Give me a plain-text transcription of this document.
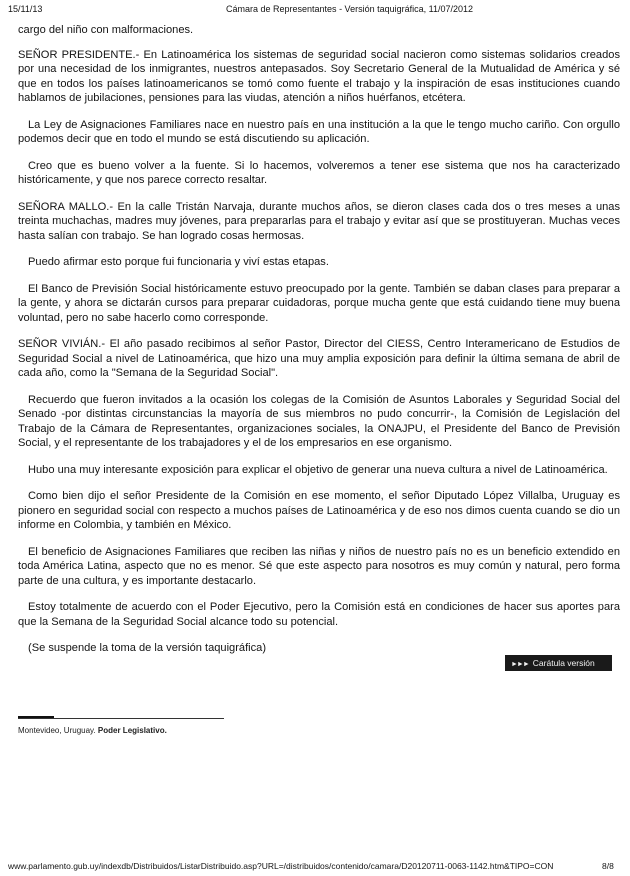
15/11/13	Cámara de Representantes - Versión taquigráfica, 11/07/2012

cargo del niño con malformaciones.

SEÑOR PRESIDENTE.- En Latinoamérica los sistemas de seguridad social nacieron como sistemas solidarios creados por una necesidad de los inmigrantes, nuestros antepasados. Soy Secretario General de la Mutualidad de América y sé que en todos los países latinoamericanos se tomó como fuente el trabajo y la inspiración de esas instituciones cuando hablamos de jubilaciones, pensiones para las viudas, atención a niños huérfanos, etcétera.

La Ley de Asignaciones Familiares nace en nuestro país en una institución a la que le tengo mucho cariño. Con orgullo podemos decir que en todo el mundo se está discutiendo su aplicación.

Creo que es bueno volver a la fuente. Si lo hacemos, volveremos a tener ese sistema que nos ha caracterizado históricamente, y que nos parece correcto resaltar.

SEÑORA MALLO.- En la calle Tristán Narvaja, durante muchos años, se dieron clases cada dos o tres meses a unas treinta muchachas, madres muy jóvenes, para prepararlas para el trabajo y evitar así que se prostituyeran. Muchas veces hasta salían con trabajo. Se han logrado cosas hermosas.

Puedo afirmar esto porque fui funcionaria y viví estas etapas.

El Banco de Previsión Social históricamente estuvo preocupado por la gente. También se daban clases para preparar a la gente, y ahora se dictarán cursos para preparar cuidadoras, porque mucha gente que está cuidando tiene muy buena voluntad, pero no sabe hacerlo como corresponde.

SEÑOR VIVIÁN.- El año pasado recibimos al señor Pastor, Director del CIESS, Centro Interamericano de Estudios de Seguridad Social a nivel de Latinoamérica, que hizo una muy amplia exposición para definir la última semana de abril de cada año, como la "Semana de la Seguridad Social".

Recuerdo que fueron invitados a la ocasión los colegas de la Comisión de Asuntos Laborales y Seguridad Social del Senado -por distintas circunstancias la mayoría de sus miembros no pudo concurrir-, la Comisión de Legislación del Trabajo de la Cámara de Representantes, organizaciones sociales, la ONAJPU, el Presidente del Banco de Previsión Social, y el representante de los trabajadores y el de los empresarios en ese organismo.

Hubo una muy interesante exposición para explicar el objetivo de generar una nueva cultura a nivel de Latinoamérica.

Como bien dijo el señor Presidente de la Comisión en ese momento, el señor Diputado López Villalba, Uruguay es pionero en seguridad social con respecto a muchos países de Latinoamérica y de eso nos dimos cuenta cuando se dio un informe en Colombia, y también en México.

El beneficio de Asignaciones Familiares que reciben las niñas y niños de nuestro país no es un beneficio extendido en toda América Latina, aspecto que no es menor. Sé que este aspecto para nosotros es muy común y natural, pero forma parte de una cultura, y es importante destacarlo.

Estoy totalmente de acuerdo con el Poder Ejecutivo, pero la Comisión está en condiciones de hacer sus aportes para que la Semana de la Seguridad Social alcance todo su potencial.

(Se suspende la toma de la versión taquigráfica)

►►► Carátula versión
Montevideo, Uruguay. Poder Legislativo.
www.parlamento.gub.uy/indexdb/Distribuidos/ListarDistribuido.asp?URL=/distribuidos/contenido/camara/D20120711-0063-1142.htm&TIPO=CON	8/8
